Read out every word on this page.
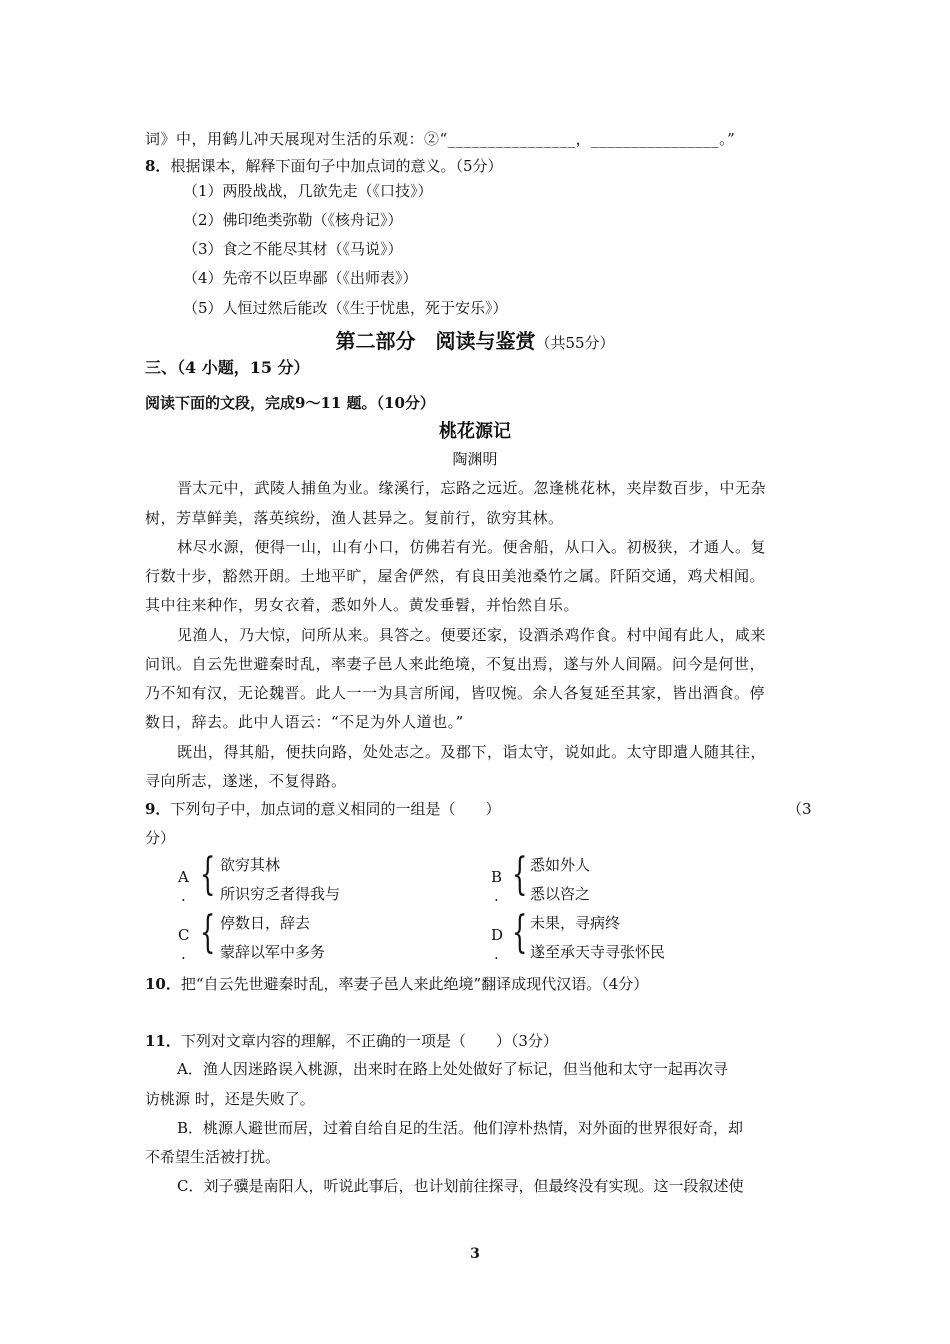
词》中，用鹤儿冲天展现对生活的乐观：②“________________，________________。”
8．根据课本，解释下面句子中加点词的意义。（5分）
（1）两股战战，几欲先走（《口技》）
（2）佛印绝类弥勒（《核舟记》）
（3）食之不能尽其材（《马说》）
（4）先帝不以臣卑鄙（《出师表》）
（5）人恒过然后能改（《生于忧患，死于安乐》）
第二部分　阅读与鉴赏（共55分）
三、（4 小题，15 分）
阅读下面的文段，完成9～11 题。（10分）
桃花源记
陶渊明
晋太元中，武陵人捕鱼为业。缘溪行，忘路之远近。忽逢桃花林，夹岸数百步，中无杂
树，芳草鲜美，落英缤纷，渔人甚异之。复前行，欲穷其林。
林尽水源，便得一山，山有小口，仿佛若有光。便舍船，从口入。初极狭，才通人。复
行数十步，豁然开朗。土地平旷，屋舍俨然，有良田美池桑竹之属。阡陌交通，鸡犬相闻。
其中往来种作，男女衣着，悉如外人。黄发垂髫，并怡然自乐。
见渔人，乃大惊，问所从来。具答之。便要还家，设酒杀鸡作食。村中闻有此人，咸来
问讯。自云先世避秦时乱，率妻子邑人来此绝境，不复出焉，遂与外人间隔。问今是何世，
乃不知有汉，无论魏晋。此人一一为具言所闻，皆叹惋。余人各复延至其家，皆出酒食。停
数日，辞去。此中人语云：“不足为外人道也。”
既出，得其船，便扶向路，处处志之。及郡下，诣太守，说如此。太守即遣人随其往，
寻向所志，遂迷，不复得路。
9．下列句子中，加点词的意义相同的一组是（　　）	（3
分）
A
. { 欲穷其林
所识穷乏者得我与
B
. { 悉如外人
悉以咨之
C
. { 停数日，辞去
蒙辞以军中多务
D
. { 未果，寻病终
遂至承天寺寻张怀民
10．把“自云先世避秦时乱，率妻子邑人来此绝境”翻译成现代汉语。（4分）
11．下列对文章内容的理解，不正确的一项是（　　）（3分）
A．渔人因迷路误入桃源，出来时在路上处处做好了标记，但当他和太守一起再次寻
访桃源 时，还是失败了。
B．桃源人避世而居，过着自给自足的生活。他们淳朴热情，对外面的世界很好奇，却
不希望生活被打扰。
C．刘子骥是南阳人，听说此事后，也计划前往探寻，但最终没有实现。这一段叙述使
3
